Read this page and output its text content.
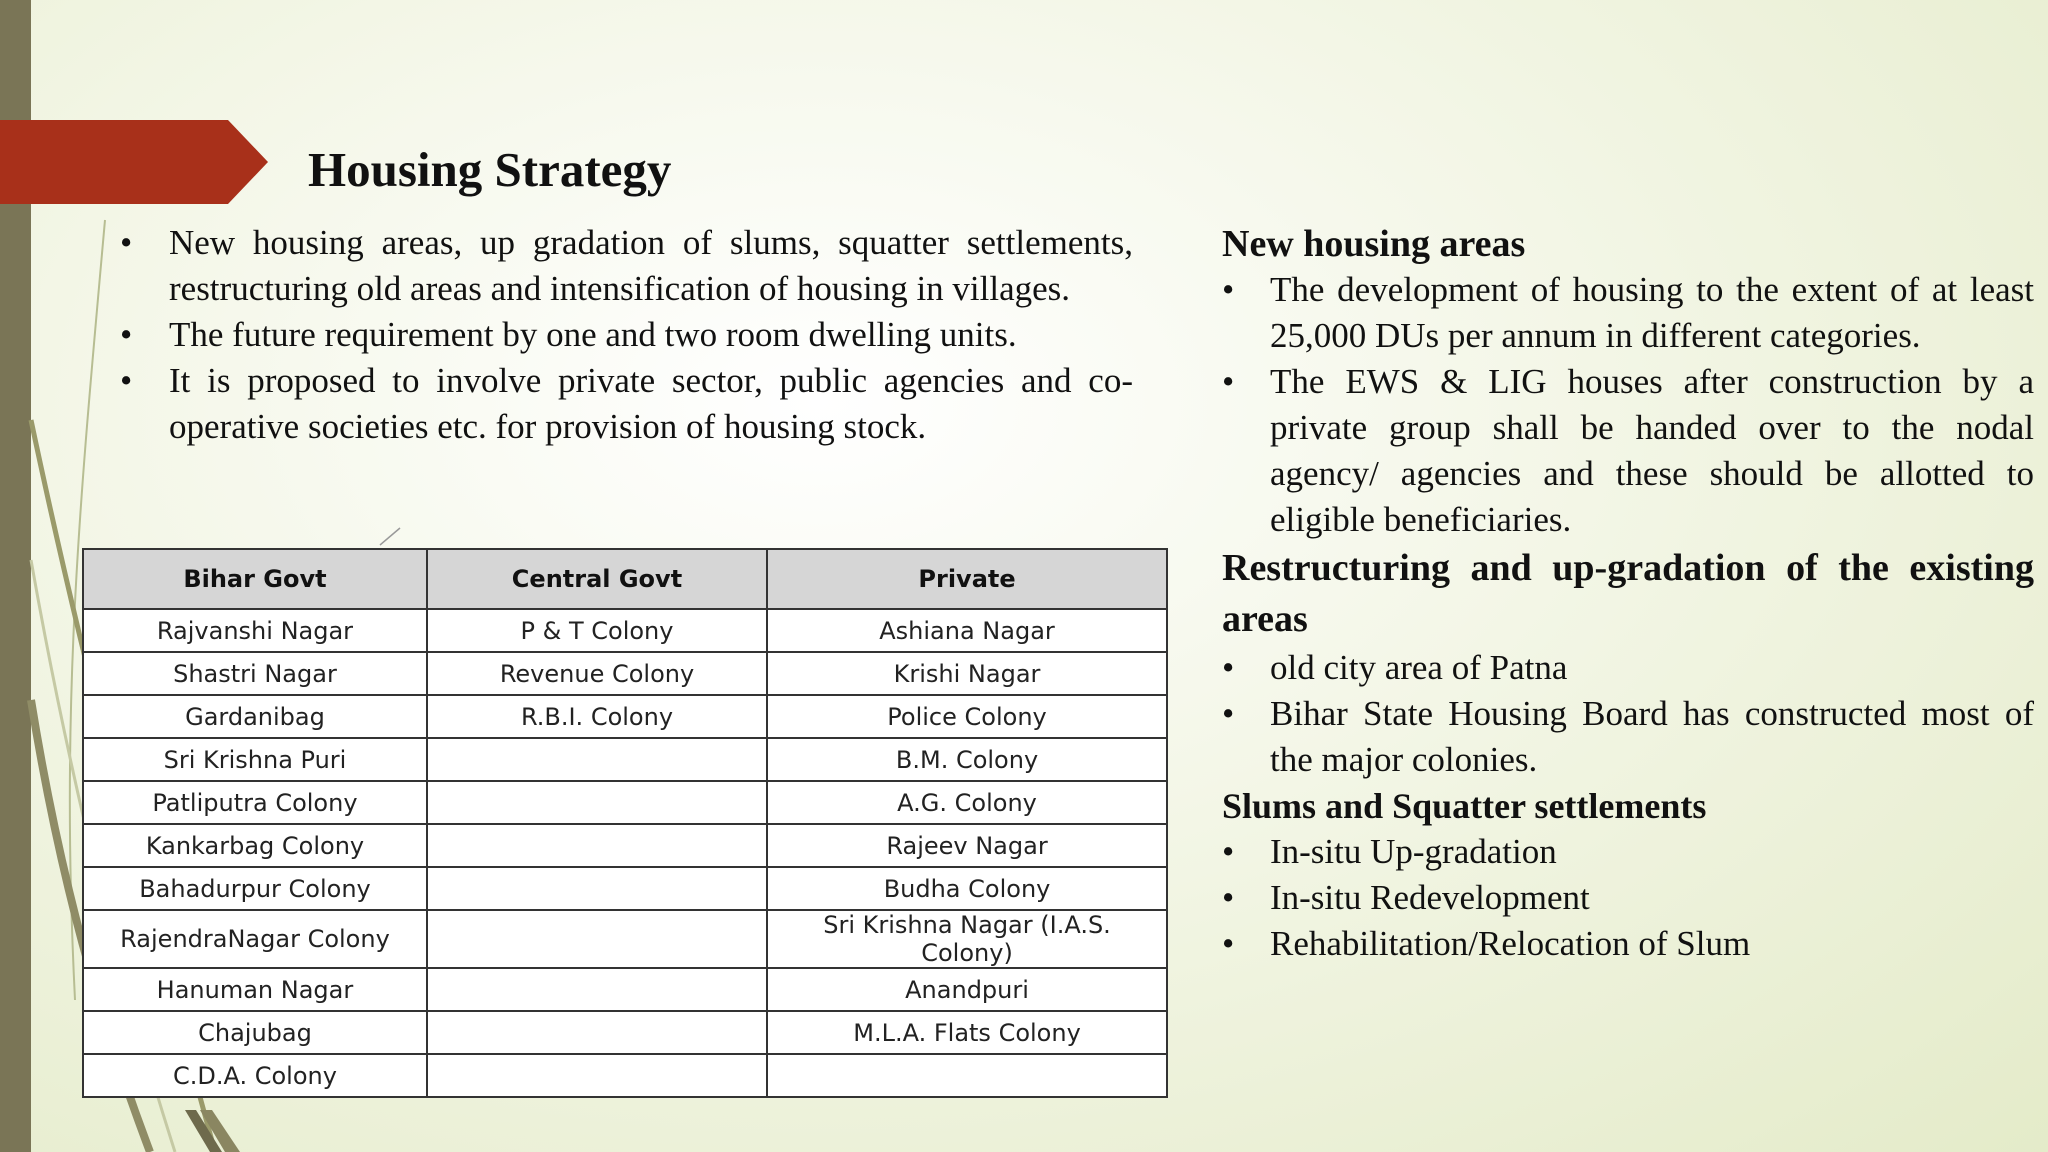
Housing Strategy
• New housing areas, up gradation of slums, squatter settlements, restructuring old areas and intensification of housing in villages.
• The future requirement by one and two room dwelling units.
• It is proposed to involve private sector, public agencies and co-operative societies etc. for provision of housing stock.

New housing areas

• The development of housing to the extent of at least 25,000 DUs per annum in different categories.
• The EWS & LIG houses after construction by a private group shall be handed over to the nodal agency/ agencies and these should be allotted to eligible beneficiaries.

Restructuring and up-gradation of the existing areas

• old city area of Patna
• Bihar State Housing Board has constructed most of the major colonies.

Slums and Squatter settlements

• In-situ Up-gradation
• In-situ Redevelopment
• Rehabilitation/Relocation of Slum
Bihar Govt	Central Govt	Private
Rajvanshi Nagar	P & T Colony	Ashiana Nagar
Shastri Nagar	Revenue Colony	Krishi Nagar
Gardanibag	R.B.I. Colony	Police Colony
Sri Krishna Puri		B.M. Colony
Patliputra Colony		A.G. Colony
Kankarbag Colony		Rajeev Nagar
Bahadurpur Colony		Budha Colony
RajendraNagar Colony		Sri Krishna Nagar (I.A.S. Colony)
Hanuman Nagar		Anandpuri
Chajubag		M.L.A. Flats Colony
C.D.A. Colony		
